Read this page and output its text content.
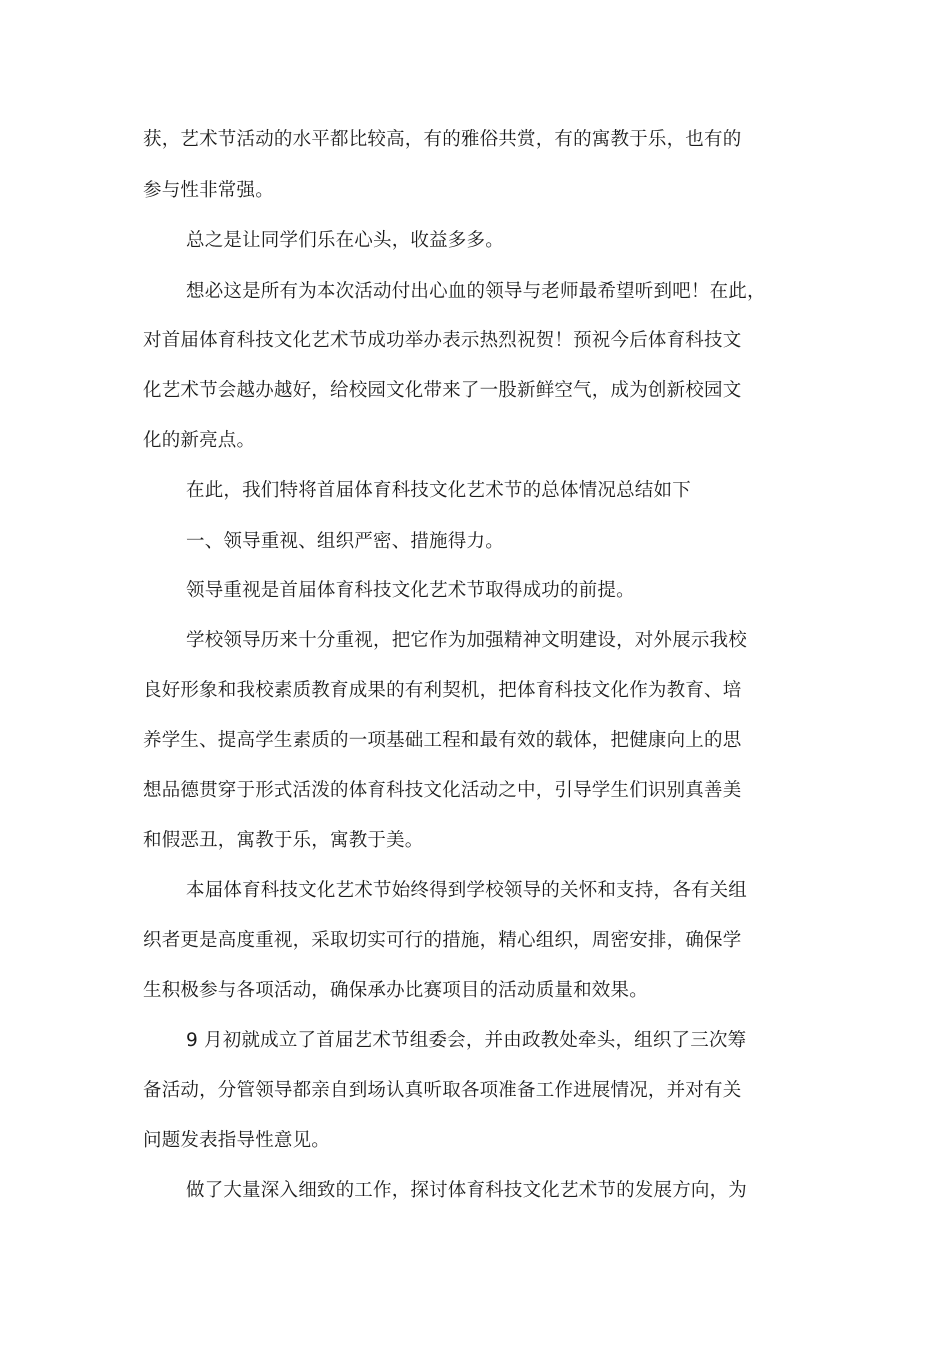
获，艺术节活动的水平都比较高，有的雅俗共赏，有的寓教于乐，也有的
参与性非常强。
总之是让同学们乐在心头，收益多多。
想必这是所有为本次活动付出心血的领导与老师最希望听到吧！在此，
对首届体育科技文化艺术节成功举办表示热烈祝贺！预祝今后体育科技文
化艺术节会越办越好，给校园文化带来了一股新鲜空气，成为创新校园文
化的新亮点。
在此，我们特将首届体育科技文化艺术节的总体情况总结如下
一、领导重视、组织严密、措施得力。
领导重视是首届体育科技文化艺术节取得成功的前提。
学校领导历来十分重视，把它作为加强精神文明建设，对外展示我校
良好形象和我校素质教育成果的有利契机，把体育科技文化作为教育、培
养学生、提高学生素质的一项基础工程和最有效的载体，把健康向上的思
想品德贯穿于形式活泼的体育科技文化活动之中，引导学生们识别真善美
和假恶丑，寓教于乐，寓教于美。
本届体育科技文化艺术节始终得到学校领导的关怀和支持，各有关组
织者更是高度重视，采取切实可行的措施，精心组织，周密安排，确保学
生积极参与各项活动，确保承办比赛项目的活动质量和效果。
9 月初就成立了首届艺术节组委会，并由政教处牵头，组织了三次筹
备活动，分管领导都亲自到场认真听取各项准备工作进展情况，并对有关
问题发表指导性意见。
做了大量深入细致的工作，探讨体育科技文化艺术节的发展方向，为
